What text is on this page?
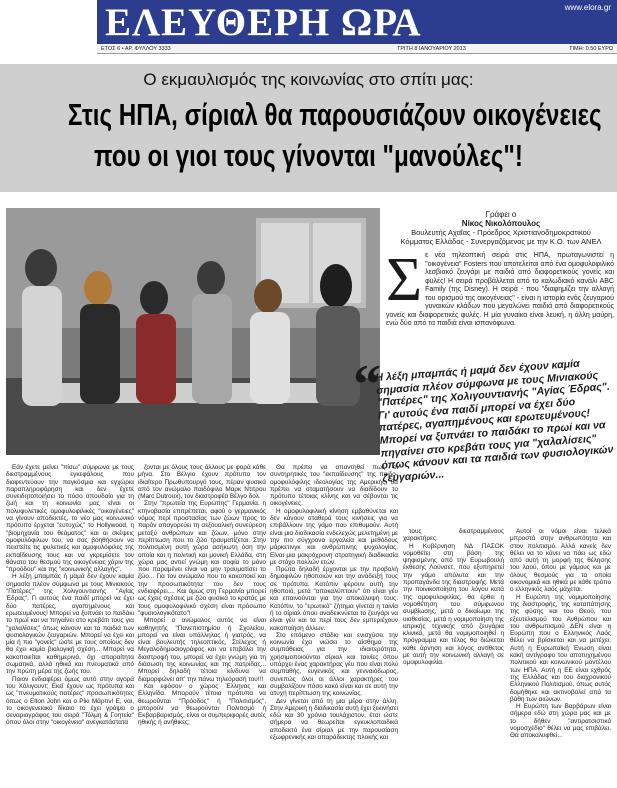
ΕΛΕΥΘΕΡΗ ΩΡΑ	www.elora.gr
ΕΤΟΣ 6 • ΑΡ. ΦΥΛΛΟΥ 3333	ΤΡΙΤΗ 8 ΙΑΝΟΥΑΡΙΟΥ 2013	ΤΙΜΗ: 0.50 ΕΥΡΩ
Ο εκμαυλισμός της κοινωνίας στο σπίτι μας:
Στις ΗΠΑ, σίριαλ θα παρουσιάζουν οικογένειες
που οι γιοι τους γίνονται "μανούλες"!
Γράφει ο
Νίκος Νικολόπουλος
Βουλευτής Αχαΐας - Πρόεδρος Χριστιανοδημοκρατικού
Κόμματος Ελλάδος - Συνεργαζόμενος με την Κ.Ο. των ΑΝΕΛ
Σ ε νέα τηλεοπτική σειρά στις ΗΠΑ, πρωταγωνιστεί η "οικογένεια" Fosters που αποτελείται από ένα ομοφυλοφιλικό λεσβιακό ζευγάρι με παιδιά από διαφορετικούς γονείς και φυλές! Η σειρά προβάλλεται από το καλωδιακό κανάλι ABC Family (της Disney). Η σειρά - που "διαφημίζει την αλλαγή του ορισμού της οικογένειας" - είναι η ιστορία ενός ζευγαριού γυναικών κλάδων που μεγαλώνει παιδιά από διαφορετικούς γονείς και διαφορετικές φυλές. Η μία γυναίκα είναι λευκή, η άλλη μαύρη, ενώ δύο από τα παιδιά είναι ισπανόφωνα.
“
Η λέξη μπαμπάς ή μαμά δεν έχουν καμία σημασία πλέον σύμφωνα με τους Μινιακούς "Πατέρες" της Χολιγουντιανής "Αγίας Έδρας". Γι' αυτούς ένα παιδί μπορεί να έχει δύο πατέρες, αγαπημένους και ερωτευμένους! Μπορεί να ξυπνάει το παιδάκι το πρωί και να πηγαίνει στο κρεβάτι τους για "χαλαλίσεις" όπως κάνουν και τα παιδιά των φυσιολογικών ζευγαριών...

Εάν έχετε μείνει "πίσω" σύμφωνα με τους διεστραμμένους εγκεφάλους που διαφεντεύουν την παγκόσμια και εγχώρια παραπληροφόρηση και δεν έχετε συνειδητοποιήσει το πόσο σπουδαίο για τη ζωή και τη κοινωνία μας είναι οι πολυφυλετικές ομοφυλοφιλικές "οικογένειες" να γίνουν αποδεκτές, το νέο μας κοινωνικό πρότυπο έρχεται "ευτυχώς" το Hollywood, η "βιομηχανία του θεάματος" και οι σκέψεις ομοφυλόφιλων του, να σας βοηθήσουν να πειστείτε τις φυλετικές και ομοφυλόφιλες της εκπαίδευσης τους και να γκρεμίσετε τον θάνατο του θεσμού της οικογένειας χάριν της "προόδου" και της "κοινωνικής αλλαγής".

Η λέξη μπαμπάς ή μαμά δεν έχουν καμία σημασία πλέον σύμφωνα με τους Μινιακούς "Πατέρες" της Χολιγουντιανής "Αγίας Έδρας". Γι αυτούς ένα παιδί μπορεί να έχει δύο πατέρες, αγαπημένους και ερωτευμένους! Μπορεί να ξυπνάει το παιδάκι το πρωί και να πηγαίνει στο κρεβάτι τους για "χαλαλίσεις" όπως κάνουν και τα παιδιά των φυσιολογικών ζευγαριών. Μπορεί να έχει και μία ή πιο "γονείς" ώστε με τους οποίους δεν θα έχει καμία βιολογική σχέση... Μπορεί να κακοποιείται καθημερινά, όχι απαραίτητα σωματικά, αλλά ηθικά και πνευματικά από την πρώτη μέρα της ζωής του.

Ποιον ενδιαφέρει όμως αυτό στην αγορά του Χόλιγουντ; Εκεί έχουν ως πρότυπα και ως "πνευματικούς πατέρες" προσωπικότητες όπως ο Elton John και ο Ρίκι Μάρτιν! Ε, ναι, το οικογενειακό δίκαιο το έχει γράψει ο σεναριογράφος του σειρά "Τόλμη & Γοητεία" όπου όλοι στην "οικογένεια" ανεγκατάστατα

ζονται με όλους τους άλλους με φορά κάθε μήνα. Στο Βέλγιο έχουν πρότυπο τον ιδιαίτερο Πρωθυπουργό τους, πέραν φυσικά από τον ανώμαλο παιδόφιλο Μαρκ Ντιτρου (Marc Dutroux), τον διαστροφέα Βέλγο δολ.

Στην "πρωτεία της Ευρώπης" Γερμανία, η κτηνοβασία επιτρέπεται, αφού ο γερμανικός νόμος περί προστασίας των ζώων προς το παρόν απαγορεύει τη σεξουαλική συνεύρεση μεταξύ ανθρώπων και ζώων, μόνο στην περίπτωση που το ζώο τραυματίζεται. Στην πολιτισμένη αυτή χώρα ασήκωτη όση την οποία και η πολιτική και μονική Ελλάδα, στη χώρα μας αντιεί γνώμη και σοφία το μόνο που παραμένει είναι να μην τραυματίσει το ζώο... Για τον ανώμαλο που το κακοποιεί και την προσωπικότητα του δεν τους ενδιαφέρει.... Και όμως στη Γερμανία μπορεί ως έχεις σχέσεις με ζώο φυσικά το κρατάς με τους ομοφυλοφιλικό σχέση είναι πρόσωπο "φυσιολογικότατο"!

Μπορεί ο ανώμαλος αυτός να είναι καθηγητής "Πανεπιστημίου ή Σχολείου, μπορεί να είναι υπάλληλος ή γιατρός, να είναι βουλευτής τηλεοπτικός, Στέλεχος ή Μεγαλοδημοσιογράφος και να επιβάλει την διαστροφή του, μπορεί να έχει γνώμη για τη διάσωση της κοινωνίας και της πατρίδας... Μπορεί δηλαδή τέτοια κίνδυνα να διαμορφώνει απ' την πάνω τηλεόρασή του!!!

Και εφόσον ο χώρος Έλληνας και Ελληνίδα. Μπορούν τέτοια πρότυπα να θεωρούνται "Πρόοδος" ή "Πολιτισμός", μπορούν να θεωρούνται Πολιτισμό ή Εκβαρβαρισμός, είναι οι συμπεριφορές αυτές ηθικής ή ανήθικες;

Θα πρέπει να απαντηθεί πως οι συντηρητικές του "εκπαίδευσης" της παιδο-ομοφυλόφιλης ιδεολογίας της Αμερικής, θα πρέπει να σταματήσουν να διαδίδουν το πρότυπο τέτοιας κλίνης και να σέβονται τις οικογένειες.

Η ομοφυλοφιλική κίνηση εμβαθύνεται και δεν κάνουν σταθερά τους κινήσεις για να επιβάλλουν της γάμο που επιθυμούν. Αυτή είναι μια διαδικασία ενδελεχώς μελετημένη με την πιο σύγχρονα εργαλεία και μεθόδους μάρκετινγκ και ανθρώπινης ψυχολογίας. Είναι μια μακρόχρονη στρατηγική διαδικασία με στόχο πολλών ετών.

Πρώτα δηλαδή έρχονται με την προβολή δημοφιλών ηθοποιών και την ανάδειξή τους σε πρότυπα. Κατόπιν φέρουν αυτή την ηθοποιό, μετά "αποκαλύπτουν" ότι είναι γέυ και επαινούνται για την αποκάλυψή τους. Κατόπιν, το "ερωτικό" ζήτημα γίνεται η ταινία ή το σίριαλ όπου αναδεικνύεται το ζευγάρι να είναι γέυ και τα περί τους δεν εμπεριέχουν κακοποίηση άλλων.

Στο επόμενο στάδιο και ενισχύσει την κοινωνία έχει νιώσει το αίσθημα της συμπάθειας για την ιδιαιτερότητα, χρησιμοποιούνται σίριαλ και ταινίες όπου υπάρχει ένας χαρακτήρας γέυ που είναι πολύ συμπαθής, ευγενικός και γενναιόδωρος, συνεπώς όλοι οι άλλοι χαρακτήρες του συμβολίζουν πόσο κακό είναι και σε αυτή την ατυχή περίπτωση της κοινωνίας.

Δεν γίνεται από τη μια μέρα στην άλλη. Στην Αμερική η διαδικασία αυτή έχει ξεκινήσει εδώ και 30 χρόνια τουλάχιστον, έτσι ώστε σήμερα να θεωρείται εγκυκλοπαιδικά αποδεκτό ένα σίριαλ με την παρουσίαση εξωφρενικής και απαράδεκτης πλοκής και

τους διεστραμμένους χαρακτήρες.

Η Κυβέρνηση ΝΔ ΠΑΣΟΚ νομοθέτει στη βάση της ψηφισμένης από την Ευρωβουλή έκθεσης Λούνσετ, που εξυπηρετεί την γάμο απόλυτα και την προπαγάνδα της διαστροφής. Μετά την ποινικοποίηση του λόγου κατά της ομοφυλοφιλίας, θα έρθει η νομοθέτηση του σύμφωνου συμβίωσης, μετά ο δικαίωμα της υιοθεσίας, μετά η νομιμοποίηση της ιατρικής τεχνικής από ζευγάρια κλινικά, μετά θα νομιμοποιηθεί η πρόγραμμα και τέλος θα διώκεται κάθε άρνηση και λόγος αντίθετος με αυτή την κοινωνική αλλαγή σε ομοφυλοφιλία.

Αυτοί οι νόμοι είναι τελικά μπροστά στην ανθρωπότητα και στον πολιτισμό. Αλλά κανείς δεν θέλει να το κάνει να πάει ως εδώ από αυτή τη μορφή της θέλησης του λαού, όπου με γάμους και με όλους θεσμούς για τα οποία οικονομικά και ηθικά με κάθε τρόπο ο ελληνικός λαός μάχεται.

Η Ευρώπη της νομιμοποίησης της διαστροφής, της καταπάτησης της φύσης και του Θεού, του εξευτελισμού του Ανθρώπου και του ανθρωπισμού ΔΕΝ είναι η Ευρώπη που ο Ελληνικός Λαός θέλει να βρίσκεται και να μετέχει. Αυτή η Ευρωπαϊκή Ένωση είναι κακή αντίγραφο του αποτυχημένου πολιτικού και κοινωνικού μοντέλου των ΗΠΑ. Αυτή η ΕΕ είναι εχθρός της Ελλάδας και του διαχρονικού Ελληνικού Πολιτισμού, όπως αυτός δομήθηκε και ακτινοβολεί από τα βάθη των αιώνων.

Η Ευρώπη των Βαρβάρων είναι σήμερα εδώ στη χώρα μας και με το δήθεν "αντιρατσιστικό νομοσχέδιο" θέλει να μας επιβάλει. Θα αποκαλυφθεί...
